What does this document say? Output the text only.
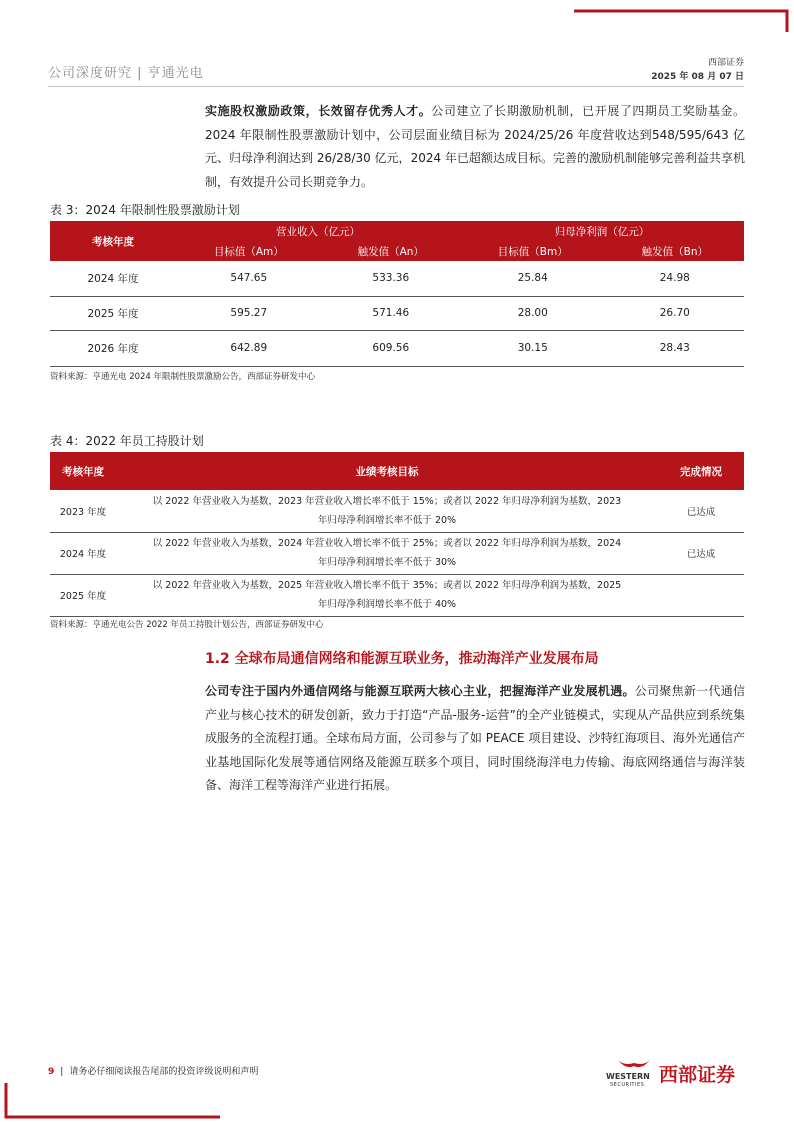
公司深度研究 | 亨通光电
西部证券
2025 年 08 月 07 日
实施股权激励政策，长效留存优秀人才。公司建立了长期激励机制，已开展了四期员工奖励基金。2024 年限制性股票激励计划中，公司层面业绩目标为 2024/25/26 年度营收达到548/595/643 亿元、归母净利润达到 26/28/30 亿元，2024 年已超额达成目标。完善的激励机制能够完善利益共享机制，有效提升公司长期竞争力。
表 3：2024 年限制性股票激励计划
考核年度	营业收入（亿元）		归母净利润（亿元）	
	目标值（Am）	触发值（An）	目标值（Bm）	触发值（Bn）
2024 年度	547.65	533.36	25.84	24.98
2025 年度	595.27	571.46	28.00	26.70
2026 年度	642.89	609.56	30.15	28.43
资料来源：亨通光电 2024 年限制性股票激励公告，西部证券研发中心
表 4：2022 年员工持股计划
考核年度	业绩考核目标	完成情况
2023 年度	以 2022 年营业收入为基数，2023 年营业收入增长率不低于 15%；或者以 2022 年归母净利润为基数，2023
年归母净利润增长率不低于 20%	已达成
2024 年度	以 2022 年营业收入为基数，2024 年营业收入增长率不低于 25%；或者以 2022 年归母净利润为基数，2024
年归母净利润增长率不低于 30%	已达成
2025 年度	以 2022 年营业收入为基数，2025 年营业收入增长率不低于 35%；或者以 2022 年归母净利润为基数，2025
年归母净利润增长率不低于 40%	

资料来源：亨通光电公告 2022 年员工持股计划公告，西部证券研发中心
1.2 全球布局通信网络和能源互联业务，推动海洋产业发展布局
公司专注于国内外通信网络与能源互联两大核心主业，把握海洋产业发展机遇。公司聚焦新一代通信产业与核心技术的研发创新，致力于打造“产品-服务-运营”的全产业链模式，实现从产品供应到系统集成服务的全流程打通。全球布局方面，公司参与了如 PEACE 项目建设、沙特红海项目、海外光通信产业基地国际化发展等通信网络及能源互联多个项目，同时围绕海洋电力传输、海底网络通信与海洋装备、海洋工程等海洋产业进行拓展。
9 | 请务必仔细阅读报告尾部的投资评级说明和声明	WESTERN
SECURITIES 西部证券
